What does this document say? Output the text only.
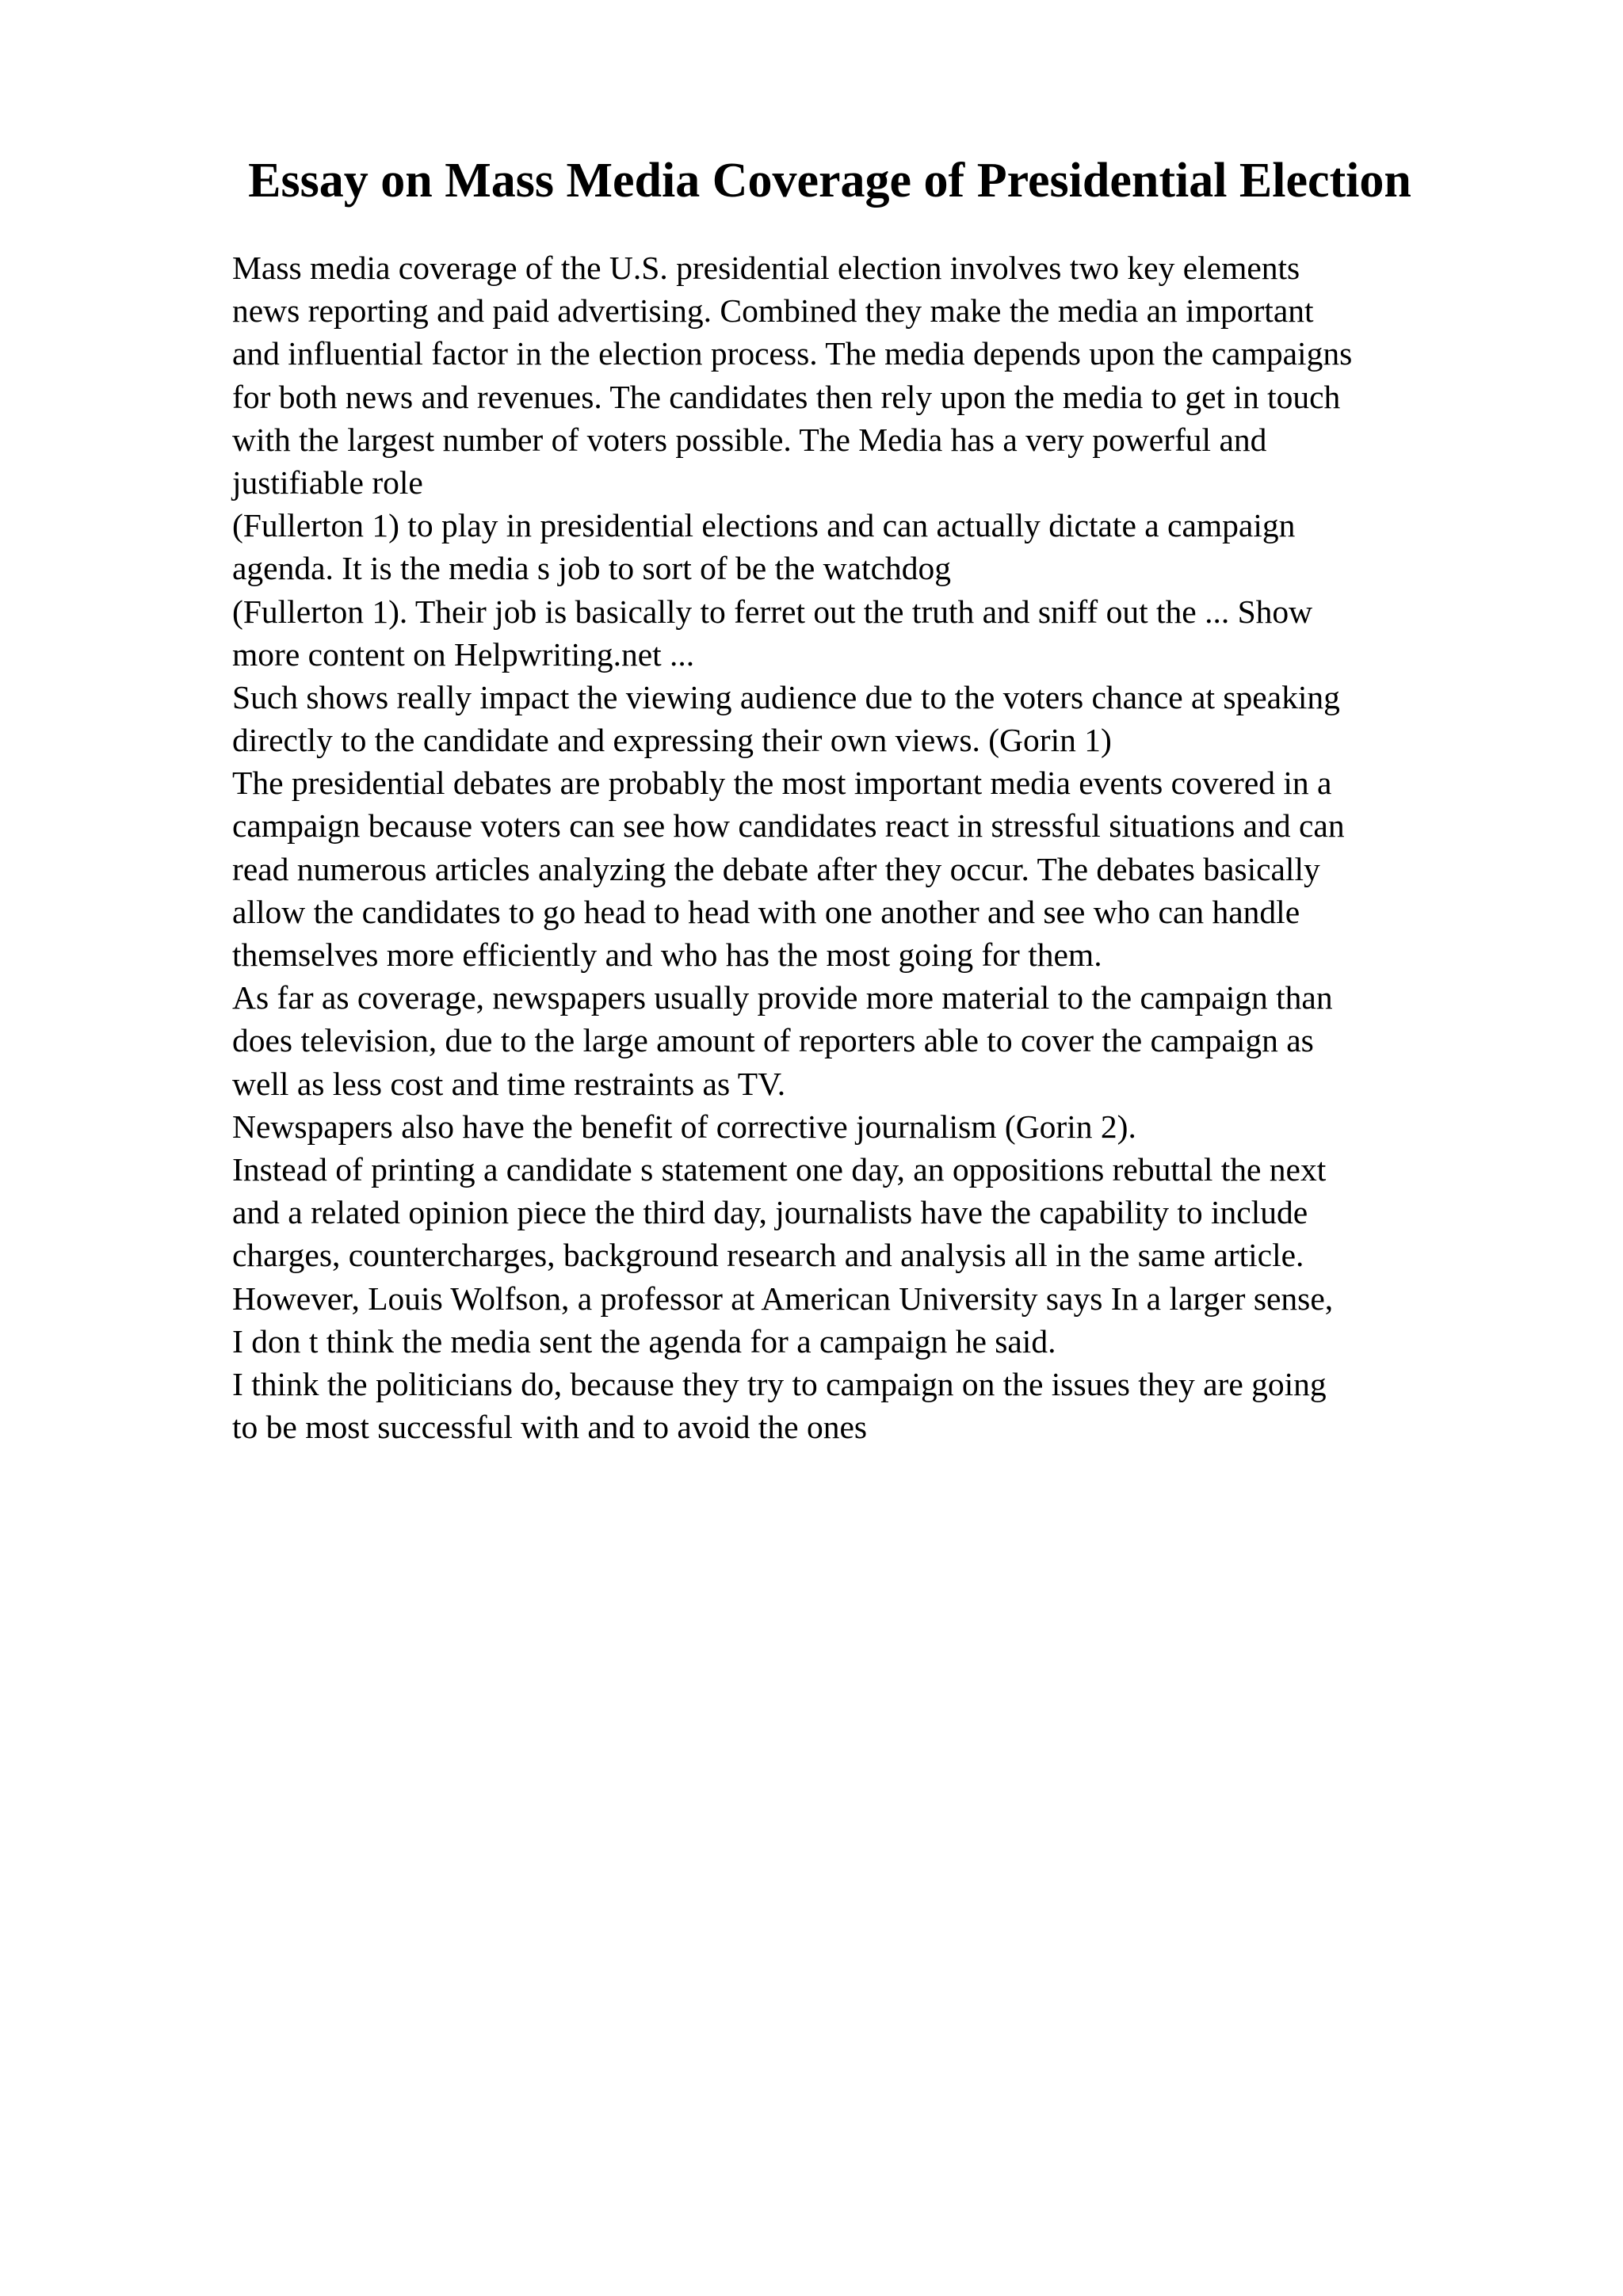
Essay on Mass Media Coverage of Presidential Election
Mass media coverage of the U.S. presidential election involves two key elements
news reporting and paid advertising. Combined they make the media an important
and influential factor in the election process. The media depends upon the campaigns
for both news and revenues. The candidates then rely upon the media to get in touch
with the largest number of voters possible. The Media has a very powerful and
justifiable role
(Fullerton 1) to play in presidential elections and can actually dictate a campaign
agenda. It is the media s job to sort of be the watchdog
(Fullerton 1). Their job is basically to ferret out the truth and sniff out the ... Show
more content on Helpwriting.net ...
Such shows really impact the viewing audience due to the voters chance at speaking
directly to the candidate and expressing their own views. (Gorin 1)
The presidential debates are probably the most important media events covered in a
campaign because voters can see how candidates react in stressful situations and can
read numerous articles analyzing the debate after they occur. The debates basically
allow the candidates to go head to head with one another and see who can handle
themselves more efficiently and who has the most going for them.
As far as coverage, newspapers usually provide more material to the campaign than
does television, due to the large amount of reporters able to cover the campaign as
well as less cost and time restraints as TV.
Newspapers also have the benefit of corrective journalism (Gorin 2).
Instead of printing a candidate s statement one day, an oppositions rebuttal the next
and a related opinion piece the third day, journalists have the capability to include
charges, countercharges, background research and analysis all in the same article.
However, Louis Wolfson, a professor at American University says In a larger sense,
I don t think the media sent the agenda for a campaign he said.
I think the politicians do, because they try to campaign on the issues they are going
to be most successful with and to avoid the ones
